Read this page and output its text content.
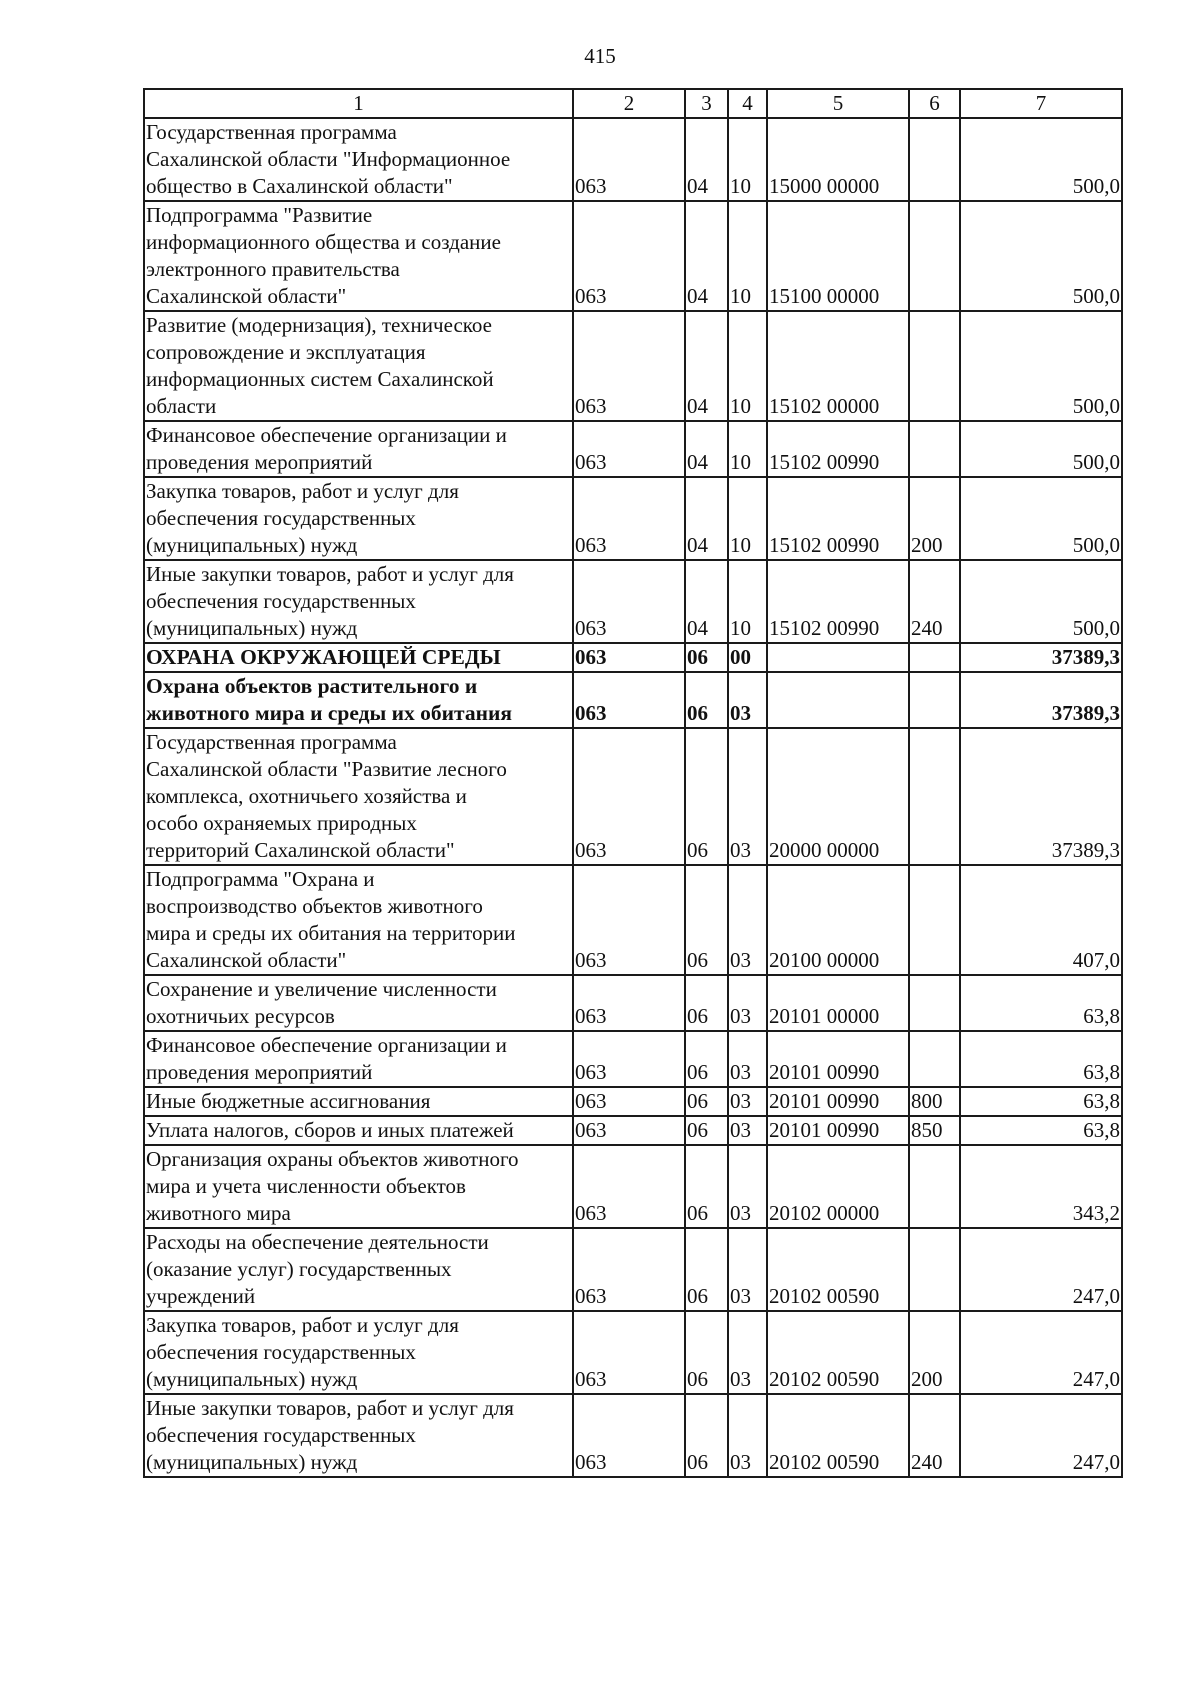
415
1	2	3	4	5	6	7
Государственная программа
Сахалинской области "Информационное
общество в Сахалинской области"	063	04	10	15000 00000		500,0
Подпрограмма "Развитие
информационного общества и создание
электронного правительства
Сахалинской области"	063	04	10	15100 00000		500,0
Развитие (модернизация), техническое
сопровождение и эксплуатация
информационных систем Сахалинской
области	063	04	10	15102 00000		500,0
Финансовое обеспечение организации и
проведения мероприятий	063	04	10	15102 00990		500,0
Закупка товаров, работ и услуг для
обеспечения государственных
(муниципальных) нужд	063	04	10	15102 00990	200	500,0
Иные закупки товаров, работ и услуг для
обеспечения государственных
(муниципальных) нужд	063	04	10	15102 00990	240	500,0
ОХРАНА ОКРУЖАЮЩЕЙ СРЕДЫ	063	06	00			37389,3
Охрана объектов растительного и
животного мира и среды их обитания	063	06	03			37389,3
Государственная программа
Сахалинской области "Развитие лесного
комплекса, охотничьего хозяйства и
особо охраняемых природных
территорий Сахалинской области"	063	06	03	20000 00000		37389,3
Подпрограмма "Охрана и
воспроизводство объектов животного
мира и среды их обитания на территории
Сахалинской области"	063	06	03	20100 00000		407,0
Сохранение и увеличение численности
охотничьих ресурсов	063	06	03	20101 00000		63,8
Финансовое обеспечение организации и
проведения мероприятий	063	06	03	20101 00990		63,8
Иные бюджетные ассигнования	063	06	03	20101 00990	800	63,8
Уплата налогов, сборов и иных платежей	063	06	03	20101 00990	850	63,8
Организация охраны объектов животного
мира и учета численности объектов
животного мира	063	06	03	20102 00000		343,2
Расходы на обеспечение деятельности
(оказание услуг) государственных
учреждений	063	06	03	20102 00590		247,0
Закупка товаров, работ и услуг для
обеспечения государственных
(муниципальных) нужд	063	06	03	20102 00590	200	247,0
Иные закупки товаров, работ и услуг для
обеспечения государственных
(муниципальных) нужд	063	06	03	20102 00590	240	247,0
